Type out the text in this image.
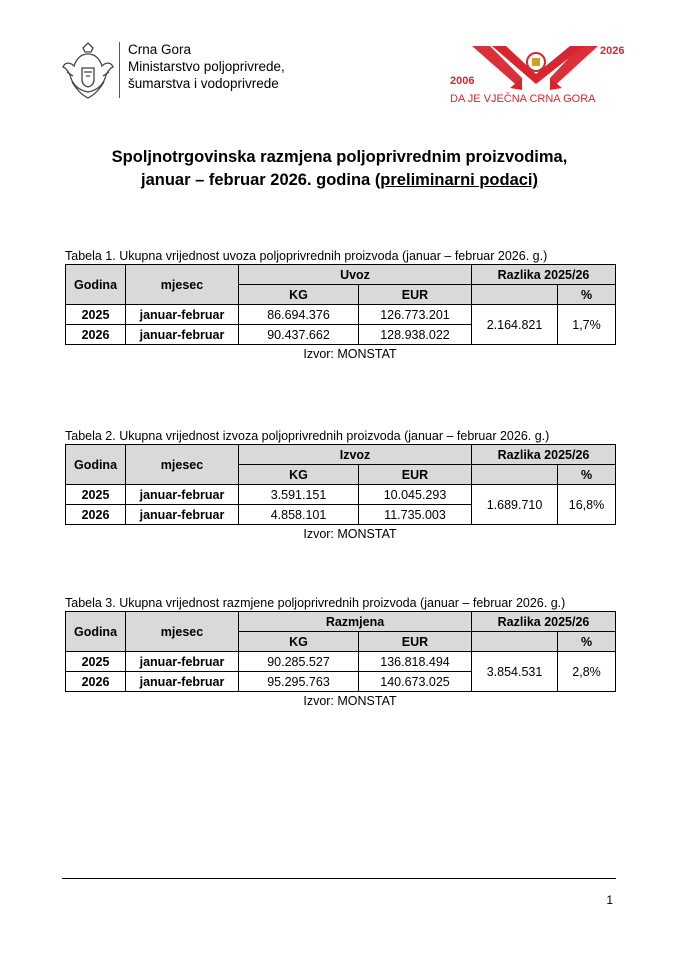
Crna Gora
Ministarstvo poljoprivrede,
šumarstva i vodoprivrede
2026
2006
DA JE VJEČNA CRNA GORA
Spoljnotrgovinska razmjena poljoprivrednim proizvodima,
januar – februar 2026. godina (preliminarni podaci)
Tabela 1. Ukupna vrijednost uvoza poljoprivrednih proizvoda (januar – februar 2026. g.)
Godina	mjesec	Uvoz		Razlika 2025/26	
		KG	EUR		%
2025	januar-februar	86.694.376	126.773.201	2.164.821	1,7%
2026	januar-februar	90.437.662	128.938.022		
Izvor: MONSTAT
Tabela 2. Ukupna vrijednost izvoza poljoprivrednih proizvoda (januar – februar 2026. g.)
Godina	mjesec	Izvoz		Razlika 2025/26	
		KG	EUR		%
2025	januar-februar	3.591.151	10.045.293	1.689.710	16,8%
2026	januar-februar	4.858.101	11.735.003		
Izvor: MONSTAT
Tabela 3. Ukupna vrijednost razmjene poljoprivrednih proizvoda (januar – februar 2026. g.)
Godina	mjesec	Razmjena		Razlika 2025/26	
		KG	EUR		%
2025	januar-februar	90.285.527	136.818.494	3.854.531	2,8%
2026	januar-februar	95.295.763	140.673.025		
Izvor: MONSTAT
1
